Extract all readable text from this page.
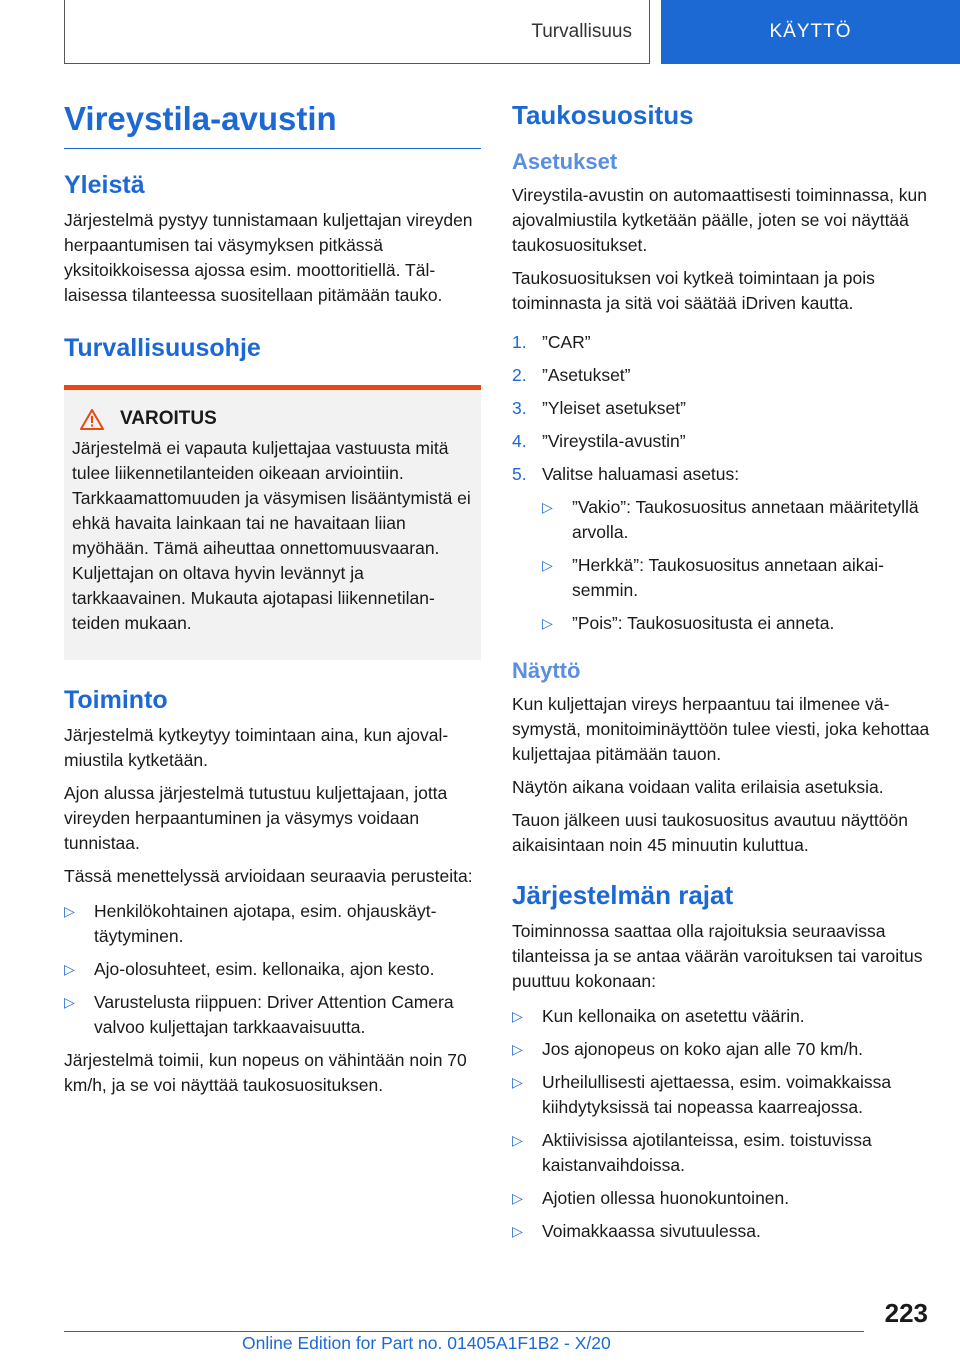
Turvallisuus	KÄYTTÖ
Vireystila-avustin
Yleistä

Järjestelmä pystyy tunnistamaan kuljettajan vireyden herpaantumisen tai väsymyksen pitkässä yksitoikkoisessa ajossa esim. moottoritiellä. Tällaisessa tilanteessa suositellaan pitämään tauko.

Turvallisuusohje
VAROITUS

Järjestelmä ei vapauta kuljettajaa vastuusta mitä tulee liikennetilanteiden oikeaan arviointiin. Tarkkaamattomuuden ja väsymisen lisääntymistä ei ehkä havaita lainkaan tai ne havaitaan liian myöhään. Tämä aiheuttaa onnettomuusvaaran. Kuljettajan on oltava hyvin levännyt ja tarkkaavainen. Mukauta ajotapasi liikennetilanteiden mukaan.

Toiminto

Järjestelmä kytkeytyy toimintaan aina, kun ajovalmiustila kytketään.

Ajon alussa järjestelmä tutustuu kuljettajaan, jotta vireyden herpaantuminen ja väsymys voidaan tunnistaa.

Tässä menettelyssä arvioidaan seuraavia perusteita:

▷ Henkilökohtainen ajotapa, esim. ohjauskäyttäytyminen.
▷ Ajo-olosuhteet, esim. kellonaika, ajon kesto.
▷ Varustelusta riippuen: Driver Attention Camera valvoo kuljettajan tarkkaavaisuutta.

Järjestelmä toimii, kun nopeus on vähintään noin 70 km/h, ja se voi näyttää taukosuosituksen.

Taukosuositus
Asetukset

Vireystila-avustin on automaattisesti toiminnassa, kun ajovalmiustila kytketään päälle, joten se voi näyttää taukosuositukset.

Taukosuosituksen voi kytkeä toimintaan ja pois toiminnasta ja sitä voi säätää iDriven kautta.

1. ”CAR”
2. ”Asetukset”
3. ”Yleiset asetukset”
4. ”Vireystila-avustin”
5. Valitse haluamasi asetus:
▷ ”Vakio”: Taukosuositus annetaan määritetyllä arvolla.
▷ ”Herkkä”: Taukosuositus annetaan aikaisemmin.
▷ ”Pois”: Taukosuositusta ei anneta.
Näyttö

Kun kuljettajan vireys herpaantuu tai ilmenee väsymystä, monitoiminäyttöön tulee viesti, joka kehottaa kuljettajaa pitämään tauon.

Näytön aikana voidaan valita erilaisia asetuksia.

Tauon jälkeen uusi taukosuositus avautuu näyttöön aikaisintaan noin 45 minuutin kuluttua.

Järjestelmän rajat

Toiminnossa saattaa olla rajoituksia seuraavissa tilanteissa ja se antaa väärän varoituksen tai varoitus puuttuu kokonaan:

▷ Kun kellonaika on asetettu väärin.
▷ Jos ajonopeus on koko ajan alle 70 km/h.
▷ Urheilullisesti ajettaessa, esim. voimakkaissa kiihdytyksissä tai nopeassa kaarreajossa.
▷ Aktiivisissa ajotilanteissa, esim. toistuvissa kaistanvaihdoissa.
▷ Ajotien ollessa huonokuntoinen.
▷ Voimakkaassa sivutuulessa.
223
Online Edition for Part no. 01405A1F1B2 - X/20
